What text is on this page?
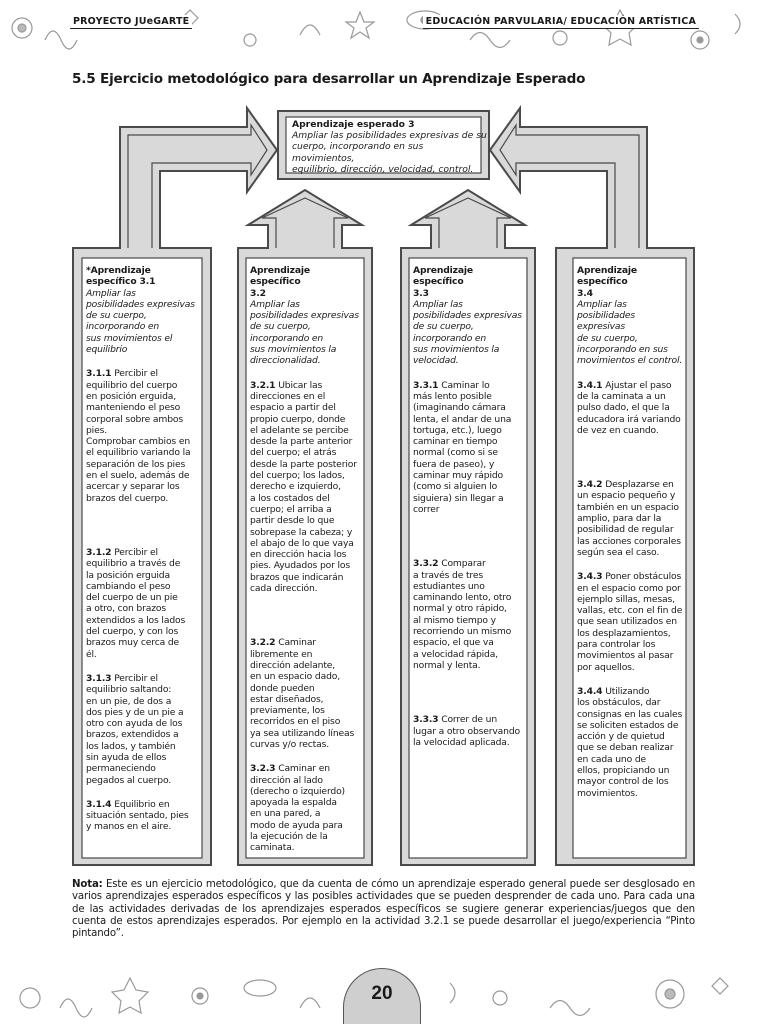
PROYECTO JUeGARTE	EDUCACIÓN PARVULARIA/ EDUCACIÓN ARTÍSTICA
5.5 Ejercicio metodológico para desarrollar un Aprendizaje Esperado
Aprendizaje esperado 3
Ampliar las posibilidades expresivas de su
cuerpo, incorporando en sus movimientos,
equilibrio, dirección, velocidad, control.
*Aprendizaje
específico 3.1
Ampliar las
posibilidades expresivas
de su cuerpo,
incorporando en
sus movimientos el
equilibrio
3.1.1 Percibir el
equilibrio del cuerpo
en posición erguida,
manteniendo el peso
corporal sobre ambos
pies.
Comprobar cambios en
el equilibrio variando la
separación de los pies
en el suelo, además de
acercar y separar los
brazos del cuerpo.
3.1.2 Percibir el
equilibrio a través de
la posición erguida
cambiando el peso
del cuerpo de un pie
a otro, con brazos
extendidos a los lados
del cuerpo, y con los
brazos muy cerca de
él.
3.1.3 Percibir el
equilibrio saltando:
en un pie, de dos a
dos pies y de un pie a
otro con ayuda de los
brazos, extendidos a
los lados, y también
sin ayuda de ellos
permaneciendo
pegados al cuerpo.
3.1.4 Equilibrio en
situación sentado, pies
y manos en el aire.
Aprendizaje específico
3.2
Ampliar las
posibilidades expresivas
de su cuerpo,
incorporando en
sus movimientos la
direccionalidad.
3.2.1 Ubicar las
direcciones en el
espacio a partir del
propio cuerpo, donde
el adelante se percibe
desde la parte anterior
del cuerpo; el atrás
desde la parte posterior
del cuerpo; los lados,
derecho e izquierdo,
a los costados del
cuerpo; el arriba a
partir desde lo que
sobrepase la cabeza; y
el abajo de lo que vaya
en dirección hacia los
pies. Ayudados por los
brazos que indicarán
cada dirección.
3.2.2 Caminar
libremente en
dirección adelante,
en un espacio dado,
donde pueden
estar diseñados,
previamente, los
recorridos en el piso
ya sea utilizando líneas
curvas y/o rectas.
3.2.3 Caminar en
dirección al lado
(derecho o izquierdo)
apoyada la espalda
en una pared, a
modo de ayuda para
la ejecución de la
caminata.
Aprendizaje específico
3.3
Ampliar las
posibilidades expresivas
de su cuerpo,
incorporando en
sus movimientos la
velocidad.
3.3.1 Caminar lo
más lento posible
(imaginando cámara
lenta, el andar de una
tortuga, etc.), luego
caminar en tiempo
normal (como si se
fuera de paseo), y
caminar muy rápido
(como si alguien lo
siguiera) sin llegar a
correr
3.3.2 Comparar
a través de tres
estudiantes uno
caminando lento, otro
normal y otro rápido,
al mismo tiempo y
recorriendo un mismo
espacio, el que va
a velocidad rápida,
normal y lenta.
3.3.3 Correr de un
lugar a otro observando
la velocidad aplicada.
Aprendizaje específico
3.4
Ampliar las
posibilidades expresivas
de su cuerpo,
incorporando en sus
movimientos el control.
3.4.1 Ajustar el paso
de la caminata a un
pulso dado, el que la
educadora irá variando
de vez en cuando.
3.4.2 Desplazarse en
un espacio pequeño y
también en un espacio
amplio, para dar la
posibilidad de regular
las acciones corporales
según sea el caso.
3.4.3 Poner obstáculos
en el espacio como por
ejemplo sillas, mesas,
vallas, etc. con el fin de
que sean utilizados en
los desplazamientos,
para controlar los
movimientos al pasar
por aquellos.
3.4.4 Utilizando
los obstáculos, dar
consignas en las cuales
se soliciten estados de
acción y de quietud
que se deban realizar
en cada uno de
ellos, propiciando un
mayor control de los
movimientos.
Nota: Este es un ejercicio metodológico, que da cuenta de cómo un aprendizaje esperado general puede ser desglosado en varios aprendizajes esperados específicos y las posibles actividades que se pueden desprender de cada uno. Para cada una de las actividades derivadas de los aprendizajes esperados específicos se sugiere generar experiencias/juegos que den cuenta de estos aprendizajes esperados. Por ejemplo en la actividad 3.2.1 se puede desarrollar el juego/experiencia “Pinto pintando”.
20
